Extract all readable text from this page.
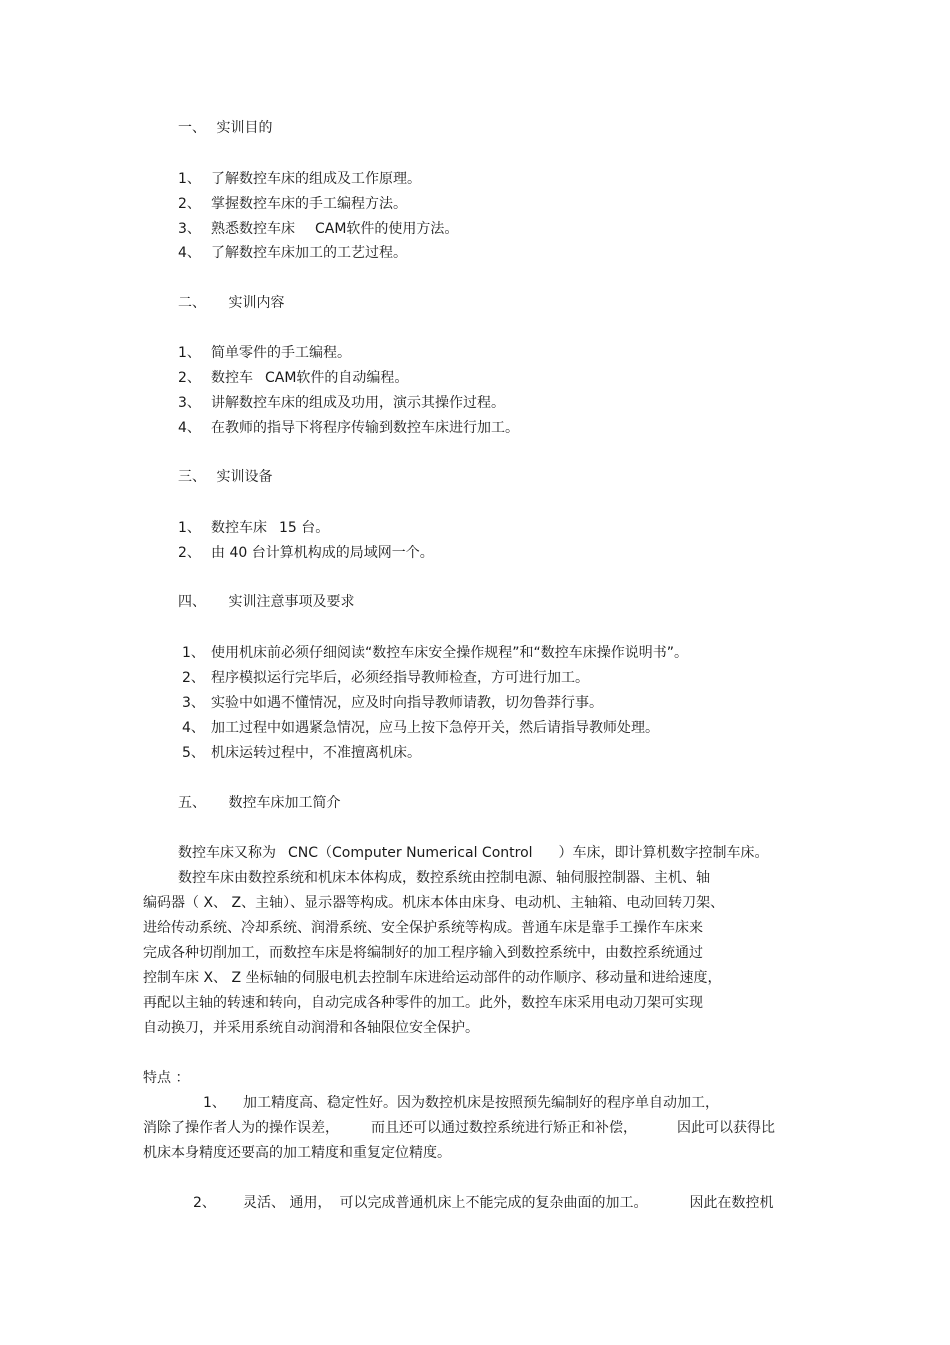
一、 实训目的
1、 了解数控车床的组成及工作原理。
2、 掌握数控车床的手工编程方法。
3、 熟悉数控车床 CAM软件的使用方法。
4、 了解数控车床加工的工艺过程。
二、 实训内容
1、 简单零件的手工编程。
2、 数控车 CAM软件的自动编程。
3、 讲解数控车床的组成及功用，演示其操作过程。
4、 在教师的指导下将程序传输到数控车床进行加工。
三、 实训设备
1、 数控车床 15 台。
2、 由 40 台计算机构成的局域网一个。
四、 实训注意事项及要求
1、 使用机床前必须仔细阅读“数控车床安全操作规程”和“数控车床操作说明书”。
2、 程序模拟运行完毕后，必须经指导教师检查，方可进行加工。
3、 实验中如遇不懂情况，应及时向指导教师请教，切勿鲁莽行事。
4、 加工过程中如遇紧急情况，应马上按下急停开关，然后请指导教师处理。
5、 机床运转过程中，不准擅离机床。
五、 数控车床加工简介
数控车床又称为 CNC（Computer Numerical Control ）车床，即计算机数字控制车床。
数控车床由数控系统和机床本体构成，数控系统由控制电源、轴伺服控制器、主机、轴
编码器（ X、 Z、主轴）、显示器等构成。机床本体由床身、电动机、主轴箱、电动回转刀架、
进给传动系统、冷却系统、润滑系统、安全保护系统等构成。普通车床是靠手工操作车床来
完成各种切削加工，而数控车床是将编制好的加工程序输入到数控系统中，由数控系统通过
控制车床 X、 Z 坐标轴的伺服电机去控制车床进给运动部件的动作顺序、移动量和进给速度，
再配以主轴的转速和转向，自动完成各种零件的加工。此外，数控车床采用电动刀架可实现
自动换刀，并采用系统自动润滑和各轴限位安全保护。
特点 ：
1、 加工精度高、稳定性好。因为数控机床是按照预先编制好的程序单自动加工，
消除了操作者人为的操作误差， 而且还可以通过数控系统进行矫正和补偿，	因此可以获得比
机床本身精度还要高的加工精度和重复定位精度。
2、 灵活、 通用， 可以完成普通机床上不能完成的复杂曲面的加工。	因此在数控机
